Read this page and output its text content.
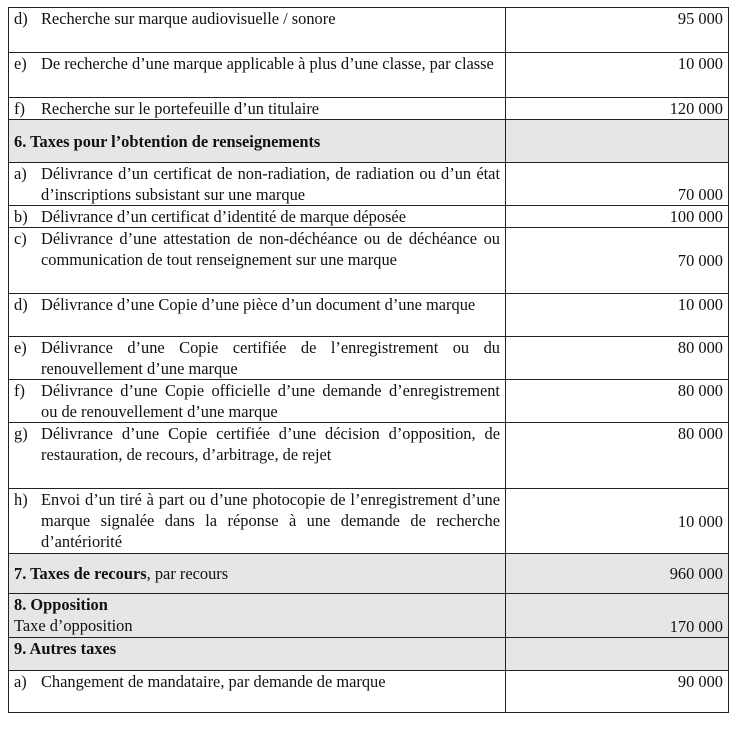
d) Recherche sur marque audiovisuelle / sonore	95 000

e) De recherche d’une marque applicable à plus d’une classe, par classe	10 000

f) Recherche sur le portefeuille d’un titulaire	120 000
6. Taxes pour l’obtention de renseignements	

a) Délivrance d’un certificat de non-radiation, de radiation ou d’un état d’inscriptions subsistant sur une marque	70 000

b) Délivrance d’un certificat d’identité de marque déposée	100 000

c) Délivrance d’une attestation de non-déchéance ou de déchéance ou communication de tout renseignement sur une marque	70 000

d) Délivrance d’une Copie d’une pièce d’un document d’une marque	10 000

e) Délivrance d’une Copie certifiée de l’enregistrement ou du renouvellement d’une marque	80 000

f) Délivrance d’une Copie officielle d’une demande d’enregistrement ou de renouvellement d’une marque	80 000

g) Délivrance d’une Copie certifiée d’une décision d’opposition, de restauration, de recours, d’arbitrage, de rejet	80 000

h) Envoi d’un tiré à part ou d’une photocopie de l’enregistrement d’une marque signalée dans la réponse à une demande de recherche d’antériorité	10 000
7. Taxes de recours, par recours	960 000

8. Opposition
Taxe d’opposition	170 000
9. Autres taxes	

a) Changement de mandataire, par demande de marque	90 000
